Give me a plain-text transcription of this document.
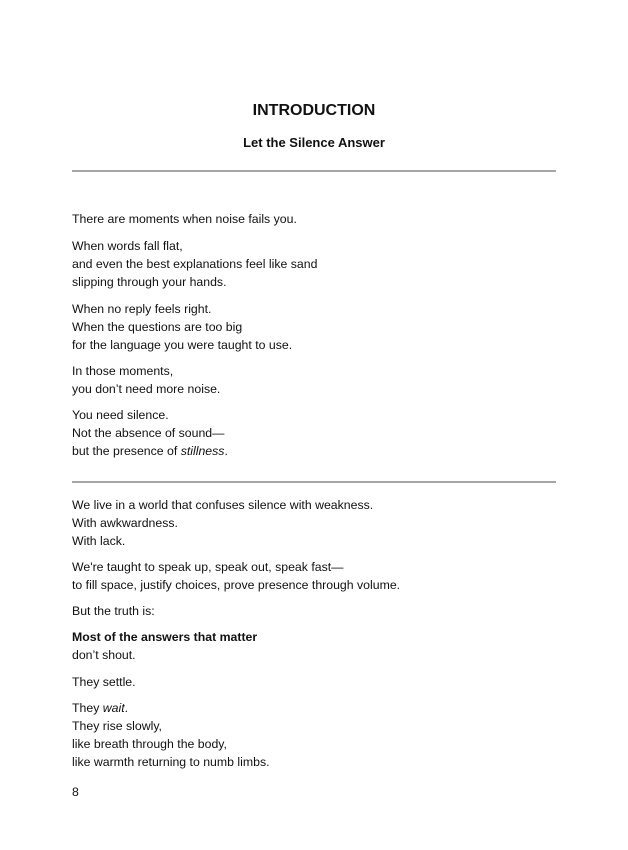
INTRODUCTION
Let the Silence Answer
There are moments when noise fails you.
When words fall flat,
and even the best explanations feel like sand
slipping through your hands.
When no reply feels right.
When the questions are too big
for the language you were taught to use.
In those moments,
you don’t need more noise.
You need silence.
Not the absence of sound—
but the presence of stillness.
We live in a world that confuses silence with weakness.
With awkwardness.
With lack.
We're taught to speak up, speak out, speak fast—
to fill space, justify choices, prove presence through volume.
But the truth is:
Most of the answers that matter
don’t shout.
They settle.
They wait.
They rise slowly,
like breath through the body,
like warmth returning to numb limbs.
8
